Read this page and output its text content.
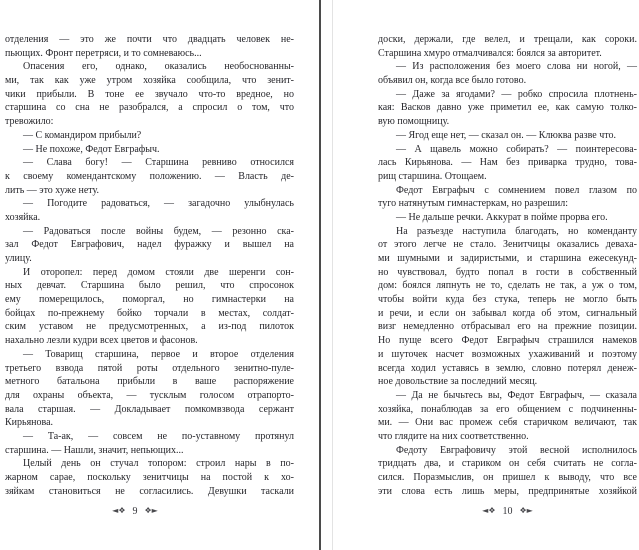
отделения — это же почти что двадцать человек не-
пьющих. Фронт перетряси, и то сомневаюсь...
Опасения его, однако, оказались необоснованны-
ми, так как уже утром хозяйка сообщила, что зенит-
чики прибыли. В тоне ее звучало что-то вредное, но
старшина со сна не разобрался, а спросил о том, что
тревожило:
— С командиром прибыли?
— Не похоже, Федот Евграфыч.
— Слава богу! — Старшина ревниво относился
к своему комендантскому положению. — Власть де-
лить — это хуже нету.
— Погодите радоваться, — загадочно улыбнулась
хозяйка.
— Радоваться после войны будем, — резонно ска-
зал Федот Евграфович, надел фуражку и вышел на
улицу.
И оторопел: перед домом стояли две шеренги сон-
ных девчат. Старшина было решил, что спросонок
ему померещилось, поморгал, но гимнастерки на
бойцах по-прежнему бойко торчали в местах, солдат-
ским уставом не предусмотренных, а из-под пилоток
нахально лезли кудри всех цветов и фасонов.
— Товарищ старшина, первое и второе отделения
третьего взвода пятой роты отдельного зенитно-пуле-
метного батальона прибыли в ваше распоряжение
для охраны объекта, — тусклым голосом отрапорто-
вала старшая. — Докладывает помкомвзвода сержант
Кирьянова.
— Та-ак, — совсем не по-уставному протянул
старшина. — Нашли, значит, непьющих...
Целый день он стучал топором: строил нары в по-
жарном сарае, поскольку зенитчицы на постой к хо-
зяйкам становиться не согласились. Девушки таскали
доски, держали, где велел, и трещали, как сороки.
Старшина хмуро отмалчивался: боялся за авторитет.
— Из расположения без моего слова ни ногой, —
объявил он, когда все было готово.
— Даже за ягодами? — робко спросила плотнень-
кая: Васков давно уже приметил ее, как самую толко-
вую помощницу.
— Ягод еще нет, — сказал он. — Клюква разве что.
— А щавель можно собирать? — поинтересова-
лась Кирьянова. — Нам без приварка трудно, това-
рищ старшина. Отощаем.
Федот Евграфыч с сомнением повел глазом по
туго натянутым гимнастеркам, но разрешил:
— Не дальше речки. Аккурат в пойме прорва его.
На разъезде наступила благодать, но коменданту
от этого легче не стало. Зенитчицы оказались деваха-
ми шумными и задиристыми, и старшина ежесекунд-
но чувствовал, будто попал в гости в собственный
дом: боялся ляпнуть не то, сделать не так, а уж о том,
чтобы войти куда без стука, теперь не могло быть
и речи, и если он забывал когда об этом, сигнальный
визг немедленно отбрасывал его на прежние позиции.
Но пуще всего Федот Евграфыч страшился намеков
и шуточек насчет возможных ухаживаний и поэтому
всегда ходил уставясь в землю, словно потерял денеж-
ное довольствие за последний месяц.
— Да не бычьтесь вы, Федот Евграфыч, — сказала
хозяйка, понаблюдав за его общением с подчиненны-
ми. — Они вас промеж себя старичком величают, так
что глядите на них соответственно.
Федоту Евграфовичу этой весной исполнилось
тридцать два, и стариком он себя считать не согла-
сился. Поразмыслив, он пришел к выводу, что все
эти слова есть лишь меры, предпринятые хозяйкой
◄❖ 9 ❖►	◄❖ 10 ❖►
